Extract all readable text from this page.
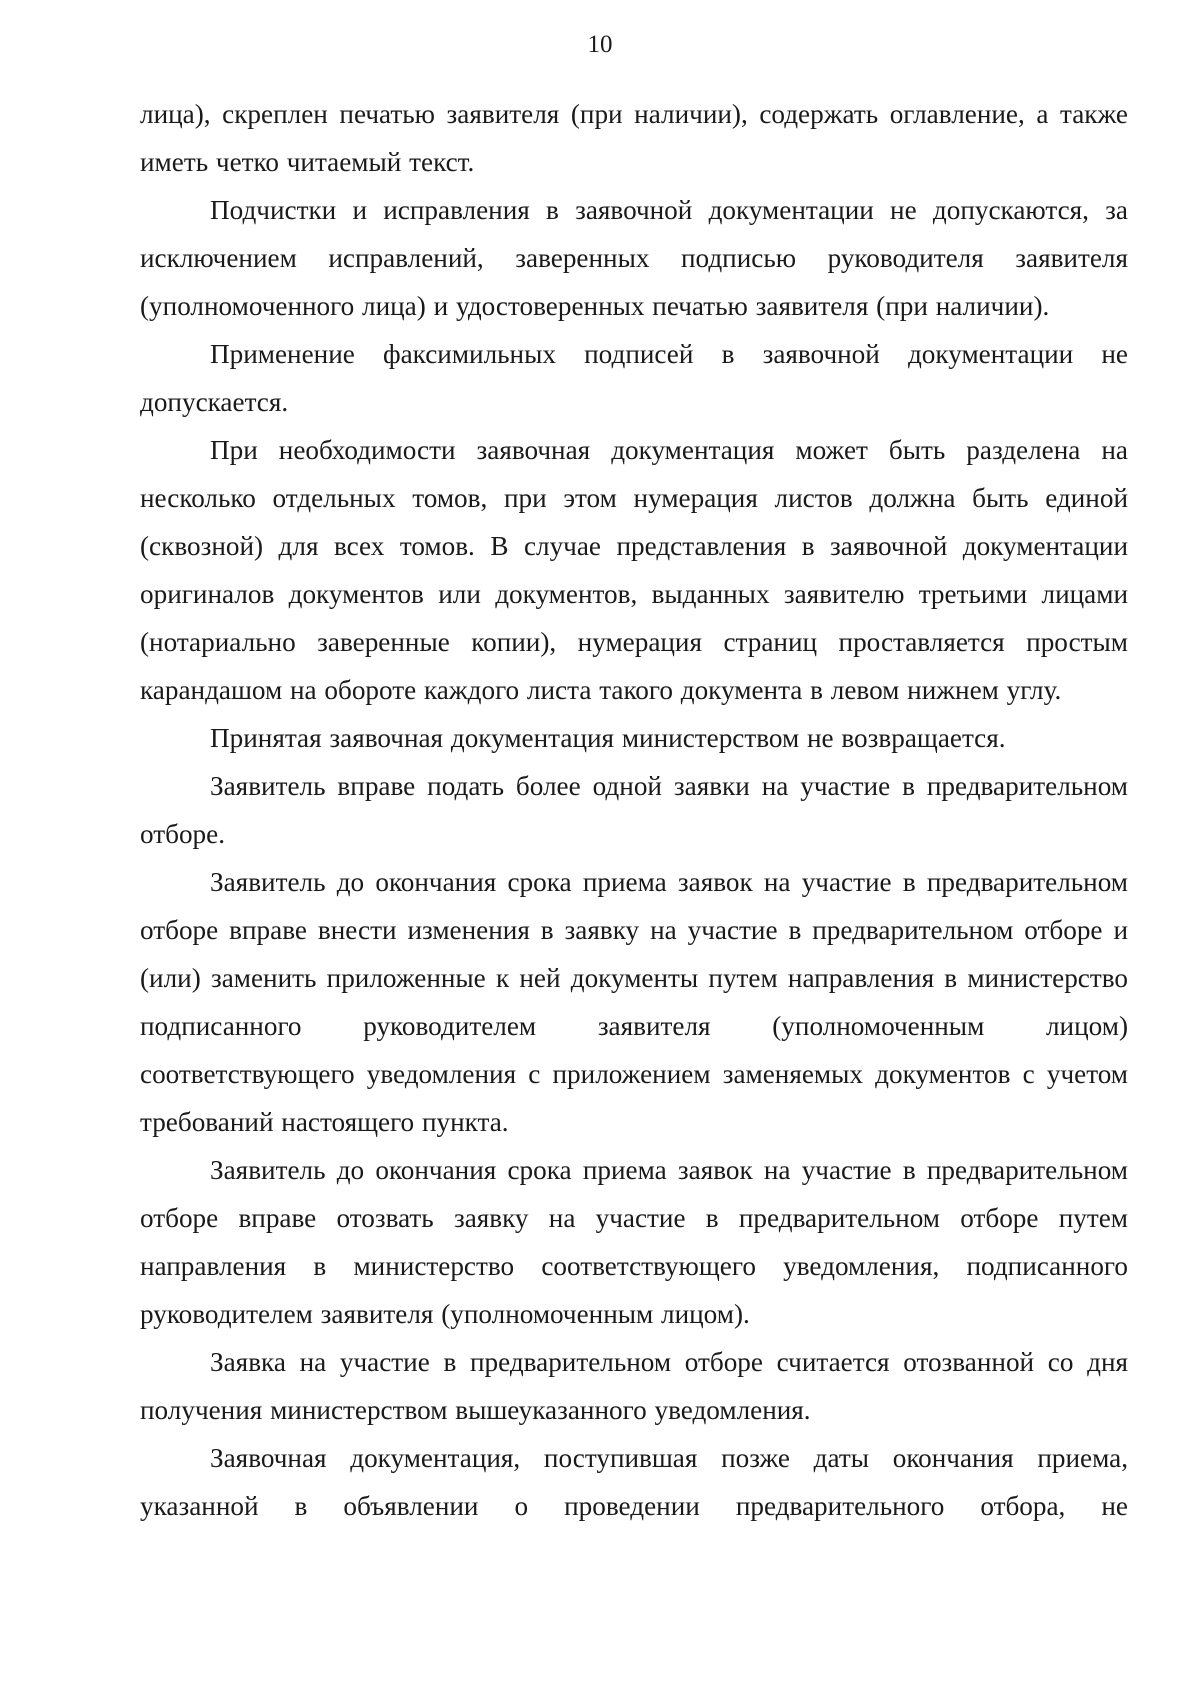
10

лица), скреплен печатью заявителя (при наличии), содержать оглавление, а также иметь четко читаемый текст.

Подчистки и исправления в заявочной документации не допускаются, за исключением исправлений, заверенных подписью руководителя заявителя (уполномоченного лица) и удостоверенных печатью заявителя (при наличии).

Применение факсимильных подписей в заявочной документации не допускается.

При необходимости заявочная документация может быть разделена на несколько отдельных томов, при этом нумерация листов должна быть единой (сквозной) для всех томов. В случае представления в заявочной документации оригиналов документов или документов, выданных заявителю третьими лицами (нотариально заверенные копии), нумерация страниц проставляется простым карандашом на обороте каждого листа такого документа в левом нижнем углу.

Принятая заявочная документация министерством не возвращается.

Заявитель вправе подать более одной заявки на участие в предварительном отборе.

Заявитель до окончания срока приема заявок на участие в предварительном отборе вправе внести изменения в заявку на участие в предварительном отборе и (или) заменить приложенные к ней документы путем направления в министерство подписанного руководителем заявителя (уполномоченным лицом) соответствующего уведомления с приложением заменяемых документов с учетом требований настоящего пункта.

Заявитель до окончания срока приема заявок на участие в предварительном отборе вправе отозвать заявку на участие в предварительном отборе путем направления в министерство соответствующего уведомления, подписанного руководителем заявителя (уполномоченным лицом).

Заявка на участие в предварительном отборе считается отозванной со дня получения министерством вышеуказанного уведомления.

Заявочная документация, поступившая позже даты окончания приема, указанной в объявлении о проведении предварительного отбора, не
